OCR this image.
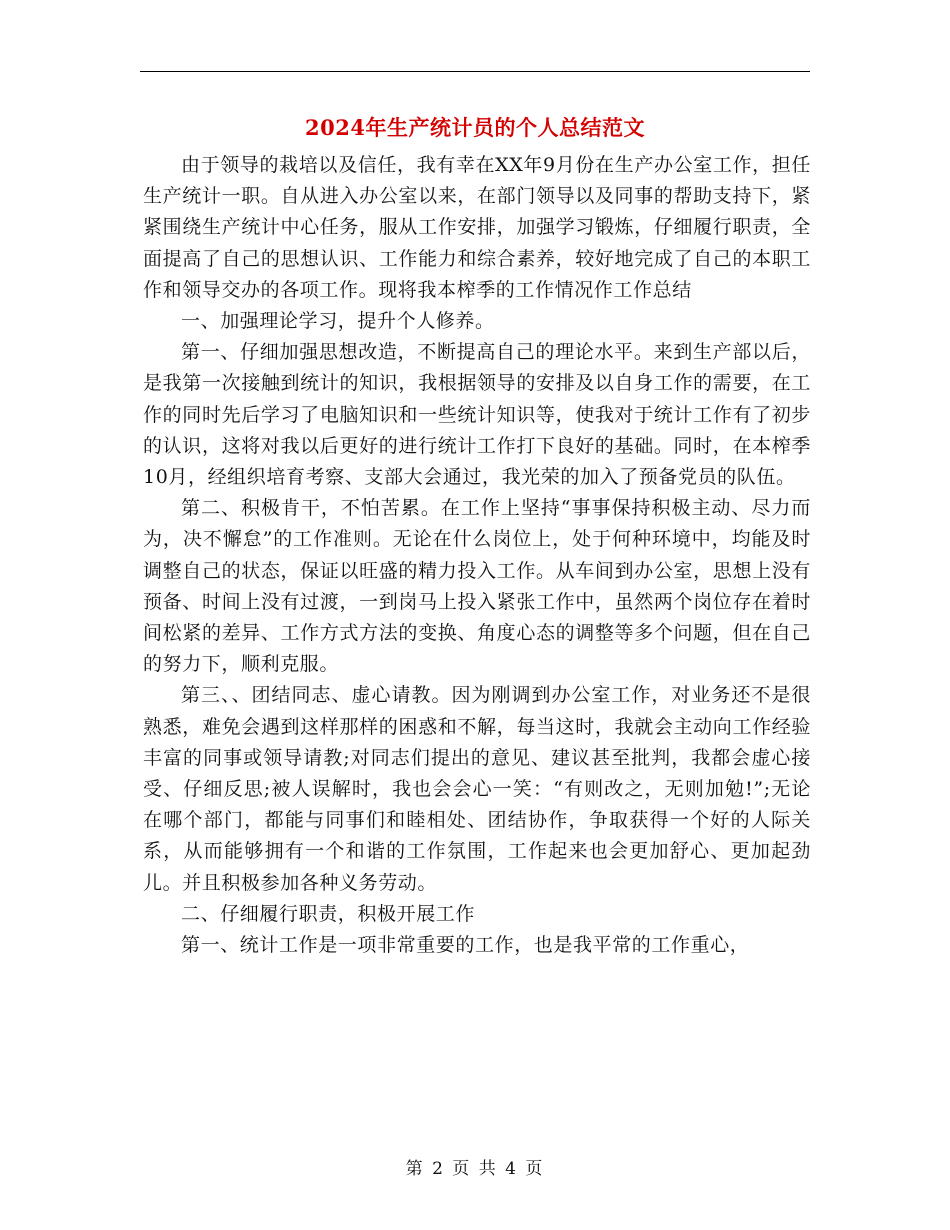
2024年生产统计员的个人总结范文

由于领导的栽培以及信任，我有幸在XX年9月份在生产办公室工作，担任生产统计一职。自从进入办公室以来，在部门领导以及同事的帮助支持下，紧紧围绕生产统计中心任务，服从工作安排，加强学习锻炼，仔细履行职责，全面提高了自己的思想认识、工作能力和综合素养，较好地完成了自己的本职工作和领导交办的各项工作。现将我本榨季的工作情况作工作总结

一、加强理论学习，提升个人修养。

第一、仔细加强思想改造，不断提高自己的理论水平。来到生产部以后，是我第一次接触到统计的知识，我根据领导的安排及以自身工作的需要，在工作的同时先后学习了电脑知识和一些统计知识等，使我对于统计工作有了初步的认识，这将对我以后更好的进行统计工作打下良好的基础。同时，在本榨季10月，经组织培育考察、支部大会通过，我光荣的加入了预备党员的队伍。

第二、积极肯干，不怕苦累。在工作上坚持“事事保持积极主动、尽力而为，决不懈怠”的工作准则。无论在什么岗位上，处于何种环境中，均能及时调整自己的状态，保证以旺盛的精力投入工作。从车间到办公室，思想上没有预备、时间上没有过渡，一到岗马上投入紧张工作中，虽然两个岗位存在着时间松紧的差异、工作方式方法的变换、角度心态的调整等多个问题，但在自己的努力下，顺利克服。

第三、、团结同志、虚心请教。因为刚调到办公室工作，对业务还不是很熟悉，难免会遇到这样那样的困惑和不解，每当这时，我就会主动向工作经验丰富的同事或领导请教;对同志们提出的意见、建议甚至批判，我都会虚心接受、仔细反思;被人误解时，我也会会心一笑：“有则改之，无则加勉!”;无论在哪个部门，都能与同事们和睦相处、团结协作，争取获得一个好的人际关系，从而能够拥有一个和谐的工作氛围，工作起来也会更加舒心、更加起劲儿。并且积极参加各种义务劳动。

二、仔细履行职责，积极开展工作

第一、统计工作是一项非常重要的工作，也是我平常的工作重心，

第 2 页 共 4 页
